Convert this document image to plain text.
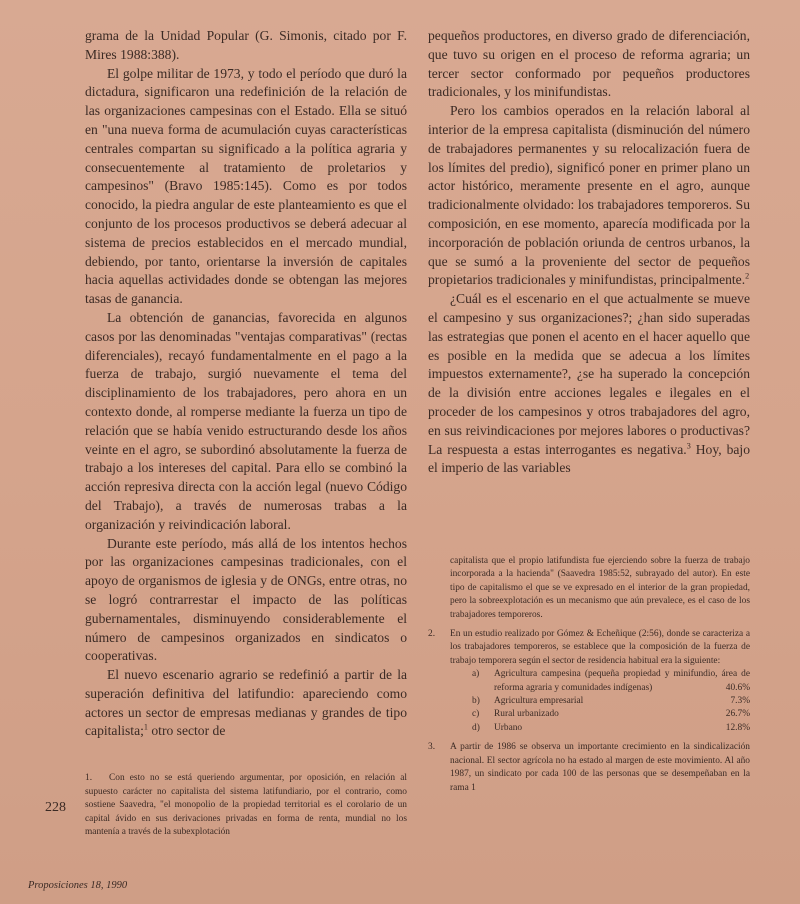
grama de la Unidad Popular (G. Simonis, citado por F. Mires 1988:388).

El golpe militar de 1973, y todo el período que duró la dictadura, significaron una redefinición de la relación de las organizaciones campesinas con el Estado. Ella se situó en "una nueva forma de acumulación cuyas características centrales compartan su significado a la política agraria y consecuentemente al tratamiento de proletarios y campesinos" (Bravo 1985:145). Como es por todos conocido, la piedra angular de este planteamiento es que el conjunto de los procesos productivos se deberá adecuar al sistema de precios establecidos en el mercado mundial, debiendo, por tanto, orientarse la inversión de capitales hacia aquellas actividades donde se obtengan las mejores tasas de ganancia.

La obtención de ganancias, favorecida en algunos casos por las denominadas "ventajas comparativas" (rectas diferenciales), recayó fundamentalmente en el pago a la fuerza de trabajo, surgió nuevamente el tema del disciplinamiento de los trabajadores, pero ahora en un contexto donde, al romperse mediante la fuerza un tipo de relación que se había venido estructurando desde los años veinte en el agro, se subordinó absolutamente la fuerza de trabajo a los intereses del capital. Para ello se combinó la acción represiva directa con la acción legal (nuevo Código del Trabajo), a través de numerosas trabas a la organización y reivindicación laboral.

Durante este período, más allá de los intentos hechos por las organizaciones campesinas tradicionales, con el apoyo de organismos de iglesia y de ONGs, entre otras, no se logró contrarrestar el impacto de las políticas gubernamentales, disminuyendo considerablemente el número de campesinos organizados en sindicatos o cooperativas.

El nuevo escenario agrario se redefinió a partir de la superación definitiva del latifundio: apareciendo como actores un sector de empresas medianas y grandes de tipo capitalista;$^1$ otro sector de

pequeños productores, en diverso grado de diferenciación, que tuvo su origen en el proceso de reforma agraria; un tercer sector conformado por pequeños productores tradicionales, y los minifundistas.

Pero los cambios operados en la relación laboral al interior de la empresa capitalista (disminución del número de trabajadores permanentes y su relocalización fuera de los límites del predio), significó poner en primer plano un actor histórico, meramente presente en el agro, aunque tradicionalmente olvidado: los trabajadores temporeros. Su composición, en ese momento, aparecía modificada por la incorporación de población oriunda de centros urbanos, la que se sumó a la proveniente del sector de pequeños propietarios tradicionales y minifundistas, principalmente.$^2$

¿Cuál es el escenario en el que actualmente se mueve el campesino y sus organizaciones?; ¿han sido superadas las estrategias que ponen el acento en el hacer aquello que es posible en la medida que se adecua a los límites impuestos externamente?, ¿se ha superado la concepción de la división entre acciones legales e ilegales en el proceder de los campesinos y otros trabajadores del agro, en sus reivindicaciones por mejores labores o productivas? La respuesta a estas interrogantes es negativa.$^3$ Hoy, bajo el imperio de las variables

1. Con esto no se está queriendo argumentar, por oposición, en relación al supuesto carácter no capitalista del sistema latifundiario, por el contrario, como sostiene Saavedra, "el monopolio de la propiedad territorial es el corolario de un capital ávido en sus derivaciones privadas en forma de renta, mundial no los mantenía a través de la subexplotación

capitalista que el propio latifundista fue ejerciendo sobre la fuerza de trabajo incorporada a la hacienda" (Saavedra 1985:52, subrayado del autor). En este tipo de capitalismo el que se ve expresado en el interior de la gran propiedad, pero la sobreexplotación es un mecanismo que aún prevalece, es el caso de los trabajadores temporeros.

2. En un estudio realizado por Gómez & Echeñique (2:56), donde se caracteriza a los trabajadores temporeros, se establece que la composición de la fuerza de trabajo temporera según el sector de residencia habitual era la siguiente:
a) Agricultura campesina (pequeña propiedad y minifundio, área de reforma agraria y comunidades indígenas)	40.6%
b) Agricultura empresarial	7.3%
c) Rural urbanizado	26.7%
d) Urbano	12.8%
3. A partir de 1986 se observa un importante crecimiento en la sindicalización nacional. El sector agrícola no ha estado al margen de este movimiento. Al año 1987, un sindicato por cada 100 de las personas que se desempeñaban en la rama 1
228
Proposiciones 18, 1990
